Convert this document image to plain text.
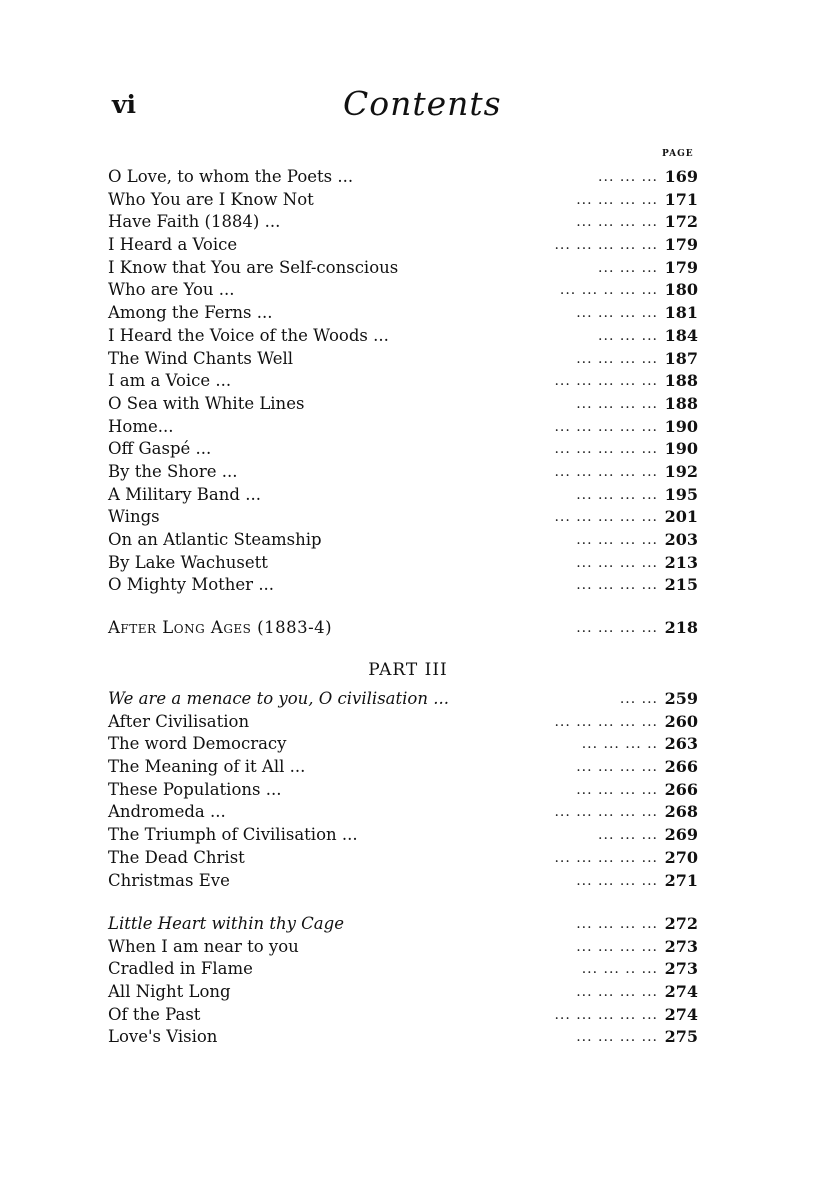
vi	Contents
PAGE
O Love, to whom the Poets ...	... ... ... 169
Who You are I Know Not	... ... ... ... 171
Have Faith (1884) ...	... ... ... ... 172
I Heard a Voice	... ... ... ... ... 179
I Know that You are Self-conscious	... ... ... 179
Who are You ...	... ... .. ... ... 180
Among the Ferns ...	... ... ... ... 181
I Heard the Voice of the Woods ...	... ... ... 184
The Wind Chants Well	... ... ... ... 187
I am a Voice ...	... ... ... ... ... 188
O Sea with White Lines	... ... ... ... 188
Home...	... ... ... ... ... 190
Off Gaspé ...	... ... ... ... ... 190
By the Shore ...	... ... ... ... ... 192
A Military Band ...	... ... ... ... 195
Wings	... ... ... ... ... 201
On an Atlantic Steamship	... ... ... ... 203
By Lake Wachusett	... ... ... ... 213
O Mighty Mother ...	... ... ... ... 215
After Long Ages (1883-4)	... ... ... ... 218
PART III
We are a menace to you, O civilisation ...	... ... 259
After Civilisation	... ... ... ... ... 260
The word Democracy	... ... ... .. 263
The Meaning of it All ...	... ... ... ... 266
These Populations ...	... ... ... ... 266
Andromeda ...	... ... ... ... ... 268
The Triumph of Civilisation ...	... ... ... 269
The Dead Christ	... ... ... ... ... 270
Christmas Eve	... ... ... ... 271
Little Heart within thy Cage	... ... ... ... 272
When I am near to you	... ... ... ... 273
Cradled in Flame	... ... .. ... 273
All Night Long	... ... ... ... 274
Of the Past	... ... ... ... ... 274
Love's Vision	... ... ... ... 275
